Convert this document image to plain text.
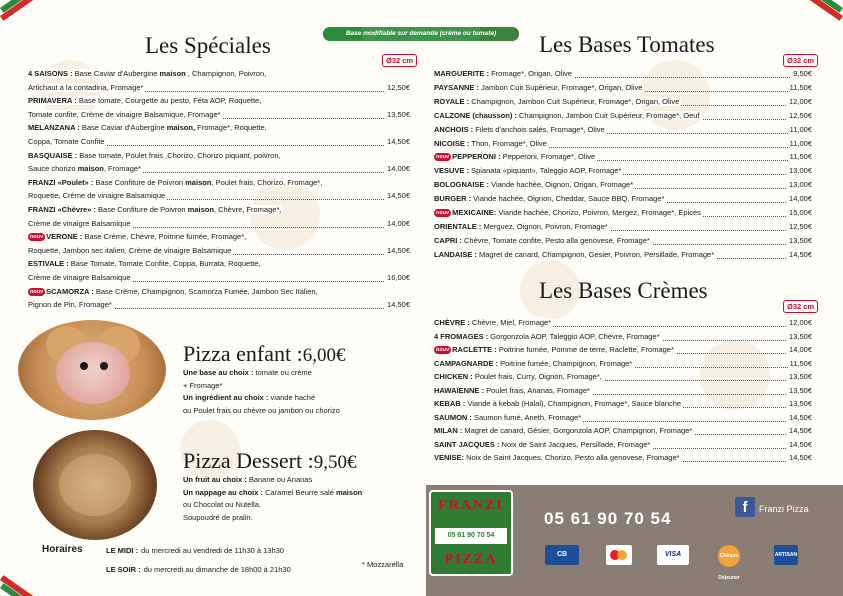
Les Spéciales	Base modifiable sur demande (crème ou tomate)	Les Bases Tomates
Les Bases Crèmes
Ø32 cm	Ø32 cm
Ø32 cm
4 SAISONS : Base Caviar d'Aubergine maison , Champignon, Poivron,
Artichaut a la contadina, Fromage*	12,50€
PRIMAVERA : Base tomate, Courgette au pesto, Féta AOP, Roquette,
Tomate confite, Crème de vinaigre Balsamique, Fromage*	13,50€
MELANZANA : Base Caviar d'Aubergine maison, Fromage*, Roquette,
Coppa, Tomate Confite	14,50€
BASQUAISE : Base tomate, Poulet frais ,Chorizo, Chorizo piquant, poivron,
Sauce chorizo maison, Fromage*	14,00€
FRANZI «Poulet» : Base Confiture de Poivron maison, Poulet frais, Chorizo, Fromage*,
Roquette, Crème de vinaigre Balsamique	14,50€
FRANZI «Chèvre» : Base Confiture de Poivron maison, Chèvre, Fromage*,
Crème de vinaigre Balsamique	14,00€
nouv VERONE : Base Crème, Chèvre, Poitrine fumée, Fromage*,
Roquette, Jambon sec italien, Crème de vinaigre Balsamique	14,50€
ESTIVALE : Base Tomate, Tomate Confite, Coppa, Burrata, Roquette,
Crème de vinaigre Balsamique	16,00€
nouv SCAMORZA : Base Crème, Champignon, Scamorza Fumée, Jambon Sec Italien,
Pignon de Pin, Fromage*	14,50€
MARGUERITE : Fromage*, Origan, Olive	9,50€
PAYSANNE : Jambon Cuit Supérieur, Fromage*, Origan, Olive	11,50€
ROYALE : Champignon, Jambon Cuit Supérieur, Fromage*, Origan, Olive	12,00€
CALZONE (chausson) : Champignon, Jambon Cuit Supérieur, Fromage*, Oeuf	12,50€
ANCHOIS : Filets d'anchois salés, Fromage*, Olive	11,00€
NICOISE : Thon, Fromage*, Olive	11,00€
nouv PEPPERONI : Pepperoni, Fromage*, Olive	11,50€
VESUVE : Spianata «piquant», Taleggio AOP, Fromage*	13,00€
BOLOGNAISE : Viande hachée, Oignon, Origan, Fromage*	13,00€
BURGER : Viande hachée, Oignon, Cheddar, Sauce BBQ, Fromage*	14,00€
nouv MEXICAINE: Viande hachée, Chorizo, Poivron, Mergez, Fromage*, Epices	15,00€
ORIENTALE : Merguez, Oignon, Poivron, Fromage*	12,50€
CAPRI : Chèvre, Tomate confite, Pesto alla genovese, Fromage*	13,50€
LANDAISE : Magret de canard, Champignon, Gesier, Poivron, Persillade, Fromage*	14,50€
CHÈVRE : Chèvre, Miel, Fromage*	12,00€
4 FROMAGES : Gorgonzola AOP, Taleggio AOP, Chèvre, Fromage*	13,50€
nouv RACLETTE : Poitrine fumée, Pomme de terre, Raclette, Fromage*	14,00€
CAMPAGNARDE : Poitrine fumée, Champignon, Fromage*	11,50€
CHICKEN : Poulet frais, Curry, Oignon, Fromage*,	13,50€
HAWAÏENNE : Poulet frais, Ananas, Fromage*	13,50€
KEBAB : Viande à kebab (Halal), Champignon, Fromage*, Sauce blanche	13,50€
SAUMON : Saumon fumé, Aneth, Fromage*	14,50€
MILAN : Magret de canard, Gésier, Gorgonzola AOP, Champignon, Fromage*	14,50€
SAINT JACQUES : Noix de Saint Jacques, Persillade, Fromage*	14,50€
VENISE: Noix de Saint Jacques, Chorizo, Pesto alla genovese, Fromage*	14,50€
Pizza enfant :6,00€
Une base au choix : tomate ou crème
+ Fromage*
Un ingrédient au choix : viande haché
ou Poulet frais ou chèvre ou jambon ou chorizo
Pizza Dessert :9,50€
Un fruit au choix : Banane ou Ananas
Un nappage au choix : Caramel Beurre salé maison
ou Chocolat ou Nutella.
Soupoudré de pralin.
Horaires	LE MIDI : du mercredi au vendredi de 11h30 à 13h30
LE SOIR : du mercredi au dimanche de 18h00 à 21h30
* Mozzarella
FRANZI
05 61 90 70 54
PIZZA
05 61 90 70 54
f	Franzi Pizza
CB	VISA	Chèque Déjeuner
ARTISAN
